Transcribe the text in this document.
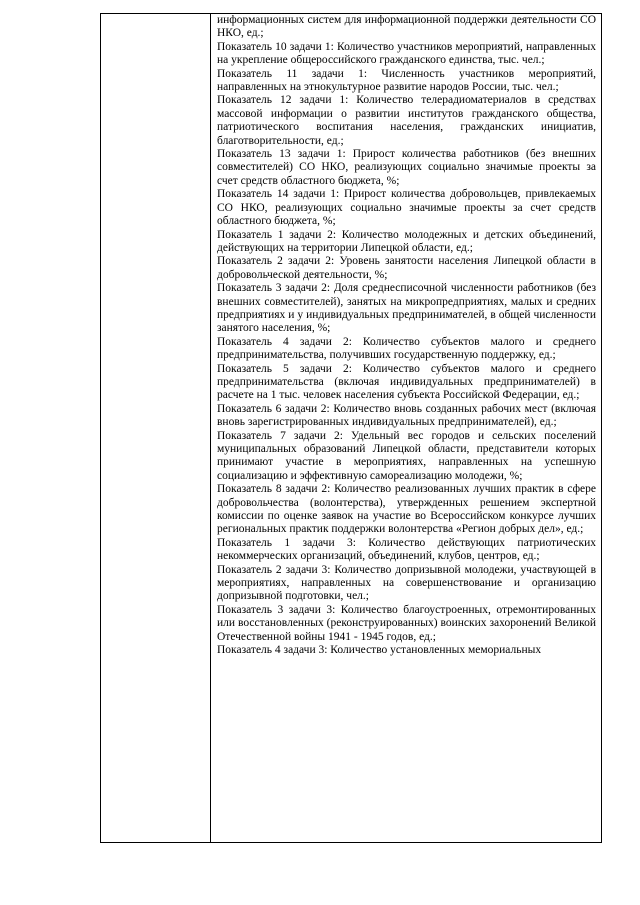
информационных систем для информационной поддержки деятельности СО НКО, ед.;

Показатель 10 задачи 1: Количество участников мероприятий, направленных на укрепление общероссийского гражданского единства, тыс. чел.;

Показатель 11 задачи 1: Численность участников мероприятий, направленных на этнокультурное развитие народов России, тыс. чел.;

Показатель 12 задачи 1: Количество телерадиоматериалов в средствах массовой информации о развитии институтов гражданского общества, патриотического воспитания населения, гражданских инициатив, благотворительности, ед.;

Показатель 13 задачи 1: Прирост количества работников (без внешних совместителей) СО НКО, реализующих социально значимые проекты за счет средств областного бюджета, %;

Показатель 14 задачи 1: Прирост количества добровольцев, привлекаемых СО НКО, реализующих социально значимые проекты за счет средств областного бюджета, %;

Показатель 1 задачи 2: Количество молодежных и детских объединений, действующих на территории Липецкой области, ед.;

Показатель 2 задачи 2: Уровень занятости населения Липецкой области в добровольческой деятельности, %;

Показатель 3 задачи 2: Доля среднесписочной численности работников (без внешних совместителей), занятых на микропредприятиях, малых и средних предприятиях и у индивидуальных предпринимателей, в общей численности занятого населения, %;

Показатель 4 задачи 2: Количество субъектов малого и среднего предпринимательства, получивших государственную поддержку, ед.;

Показатель 5 задачи 2: Количество субъектов малого и среднего предпринимательства (включая индивидуальных предпринимателей) в расчете на 1 тыс. человек населения субъекта Российской Федерации, ед.;

Показатель 6 задачи 2: Количество вновь созданных рабочих мест (включая вновь зарегистрированных индивидуальных предпринимателей), ед.;

Показатель 7 задачи 2: Удельный вес городов и сельских поселений муниципальных образований Липецкой области, представители которых принимают участие в мероприятиях, направленных на успешную социализацию и эффективную самореализацию молодежи, %;

Показатель 8 задачи 2: Количество реализованных лучших практик в сфере добровольчества (волонтерства), утвержденных решением экспертной комиссии по оценке заявок на участие во Всероссийском конкурсе лучших региональных практик поддержки волонтерства «Регион добрых дел», ед.;

Показатель 1 задачи 3: Количество действующих патриотических некоммерческих организаций, объединений, клубов, центров, ед.;

Показатель 2 задачи 3: Количество допризывной молодежи, участвующей в мероприятиях, направленных на совершенствование и организацию допризывной подготовки, чел.;

Показатель 3 задачи 3: Количество благоустроенных, отремонтированных или восстановленных (реконструированных) воинских захоронений Великой Отечественной войны 1941 - 1945 годов, ед.;

Показатель 4 задачи 3: Количество установленных мемориальных
